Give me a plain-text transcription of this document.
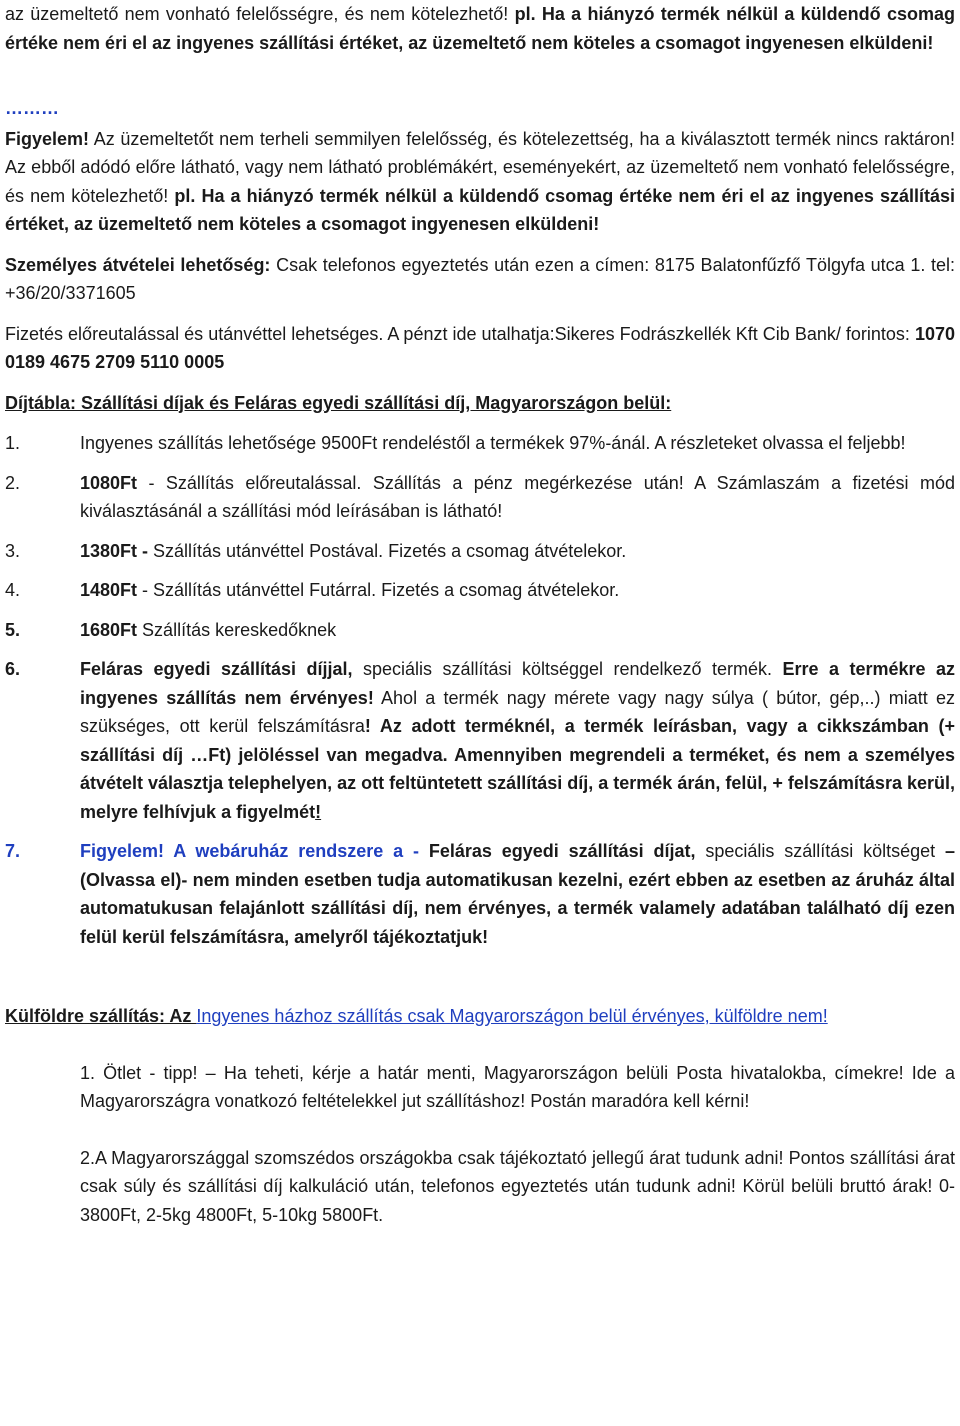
az üzemeltető nem vonható felelősségre, és nem kötelezhető! pl. Ha a hiányzó termék nélkül a küldendő csomag értéke nem éri el az ingyenes szállítási értéket, az üzemeltető nem köteles a csomagot ingyenesen elküldeni!

………

Figyelem! Az üzemeltetőt nem terheli semmilyen felelősség, és kötelezettség, ha a kiválasztott termék nincs raktáron! Az ebből adódó előre látható, vagy nem látható problémákért, eseményekért, az üzemeltető nem vonható felelősségre, és nem kötelezhető! pl. Ha a hiányzó termék nélkül a küldendő csomag értéke nem éri el az ingyenes szállítási értéket, az üzemeltető nem köteles a csomagot ingyenesen elküldeni!

Személyes átvételei lehetőség: Csak telefonos egyeztetés után ezen a címen: 8175 Balatonfűzfő Tölgyfa utca 1. tel: +36/20/3371605

Fizetés előreutalással és utánvéttel lehetséges. A pénzt ide utalhatja:Sikeres Fodrászkellék Kft Cib Bank/ forintos: 1070 0189 4675 2709 5110 0005

Díjtábla: Szállítási díjak és Feláras egyedi szállítási díj, Magyarországon belül:

1.	Ingyenes szállítás lehetősége 9500Ft rendeléstől a termékek 97%-ánál. A részleteket olvassa el feljebb!
2.	1080Ft - Szállítás előreutalással. Szállítás a pénz megérkezése után! A Számlaszám a fizetési mód kiválasztásánál a szállítási mód leírásában is látható!
3.	1380Ft - Szállítás utánvéttel Postával. Fizetés a csomag átvételekor.
4.	1480Ft - Szállítás utánvéttel Futárral. Fizetés a csomag átvételekor.
5.	1680Ft Szállítás kereskedőknek
6.	Feláras egyedi szállítási díjjal, speciális szállítási költséggel rendelkező termék. Erre a termékre az ingyenes szállítás nem érvényes! Ahol a termék nagy mérete vagy nagy súlya ( bútor, gép,..) miatt ez szükséges, ott kerül felszámításra! Az adott terméknél, a termék leírásban, vagy a cikkszámban (+ szállítási díj …Ft) jelöléssel van megadva. Amennyiben megrendeli a terméket, és nem a személyes átvételt választja telephelyen, az ott feltüntetett szállítási díj, a termék árán, felül, + felszámításra kerül, melyre felhívjuk a figyelmét!
7.	Figyelem! A webáruház rendszere a - Feláras egyedi szállítási díjat, speciális szállítási költséget – (Olvassa el)- nem minden esetben tudja automatikusan kezelni, ezért ebben az esetben az áruház által automatukusan felajánlott szállítási díj, nem érvényes, a termék valamely adatában található díj ezen felül kerül felszámításra, amelyről tájékoztatjuk!

Külföldre szállítás: Az Ingyenes házhoz szállítás csak Magyarországon belül érvényes, külföldre nem!

1. Ötlet - tipp! – Ha teheti, kérje a határ menti, Magyarországon belüli Posta hivatalokba, címekre! Ide a Magyarországra vonatkozó feltételekkel jut szállításhoz! Postán maradóra kell kérni!

2.A Magyarországgal szomszédos országokba csak tájékoztató jellegű árat tudunk adni! Pontos szállítási árat csak súly és szállítási díj kalkuláció után, telefonos egyeztetés után tudunk adni! Körül belüli bruttó árak! 0-3800Ft, 2-5kg 4800Ft, 5-10kg 5800Ft.
